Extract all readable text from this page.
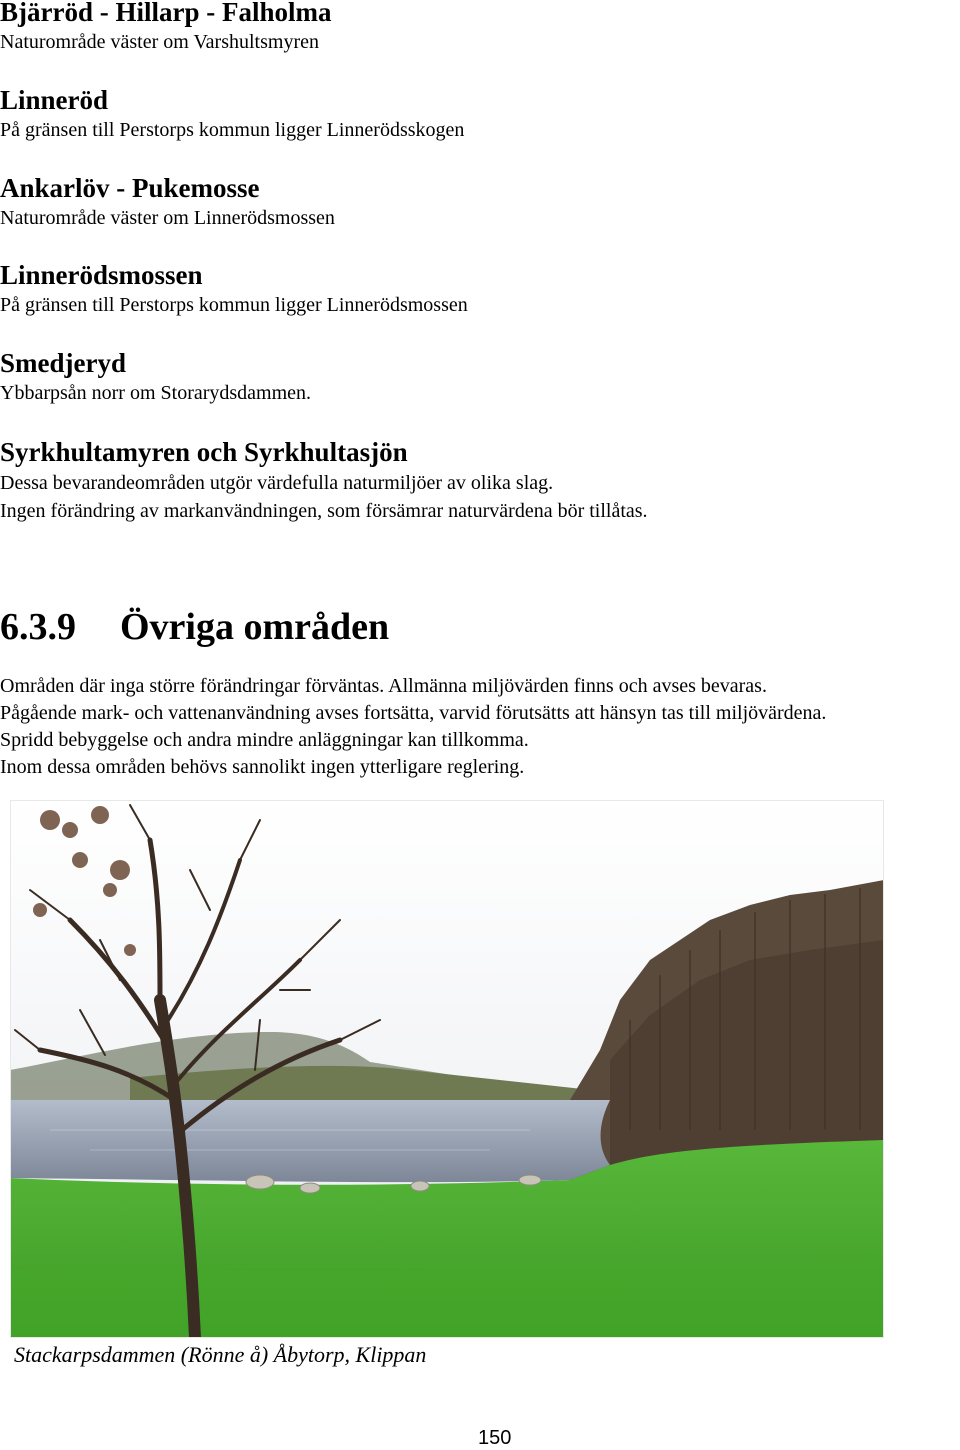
Bjärröd - Hillarp - Falholma
Naturområde väster om Varshultsmyren
Linneröd
På gränsen till Perstorps kommun ligger Linnerödsskogen
Ankarlöv - Pukemosse
Naturområde väster om Linnerödsmossen
Linnerödsmossen
På gränsen till Perstorps kommun ligger Linnerödsmossen
Smedjeryd
Ybbarpsån norr om Storarydsdammen.
Syrkhultamyren och Syrkhultasjön
Dessa bevarandeområden utgör värdefulla naturmiljöer av olika slag.
Ingen förändring av markanvändningen, som försämrar naturvärdena bör tillåtas.
6.3.9 Övriga områden
Områden där inga större förändringar förväntas. Allmänna miljövärden finns och avses bevaras.
Pågående mark- och vattenanvändning avses fortsätta, varvid förutsätts att hänsyn tas till miljövärdena.
Spridd bebyggelse och andra mindre anläggningar kan tillkomma.
Inom dessa områden behövs sannolikt ingen ytterligare reglering.
Stackarpsdammen (Rönne å) Åbytorp, Klippan
150
